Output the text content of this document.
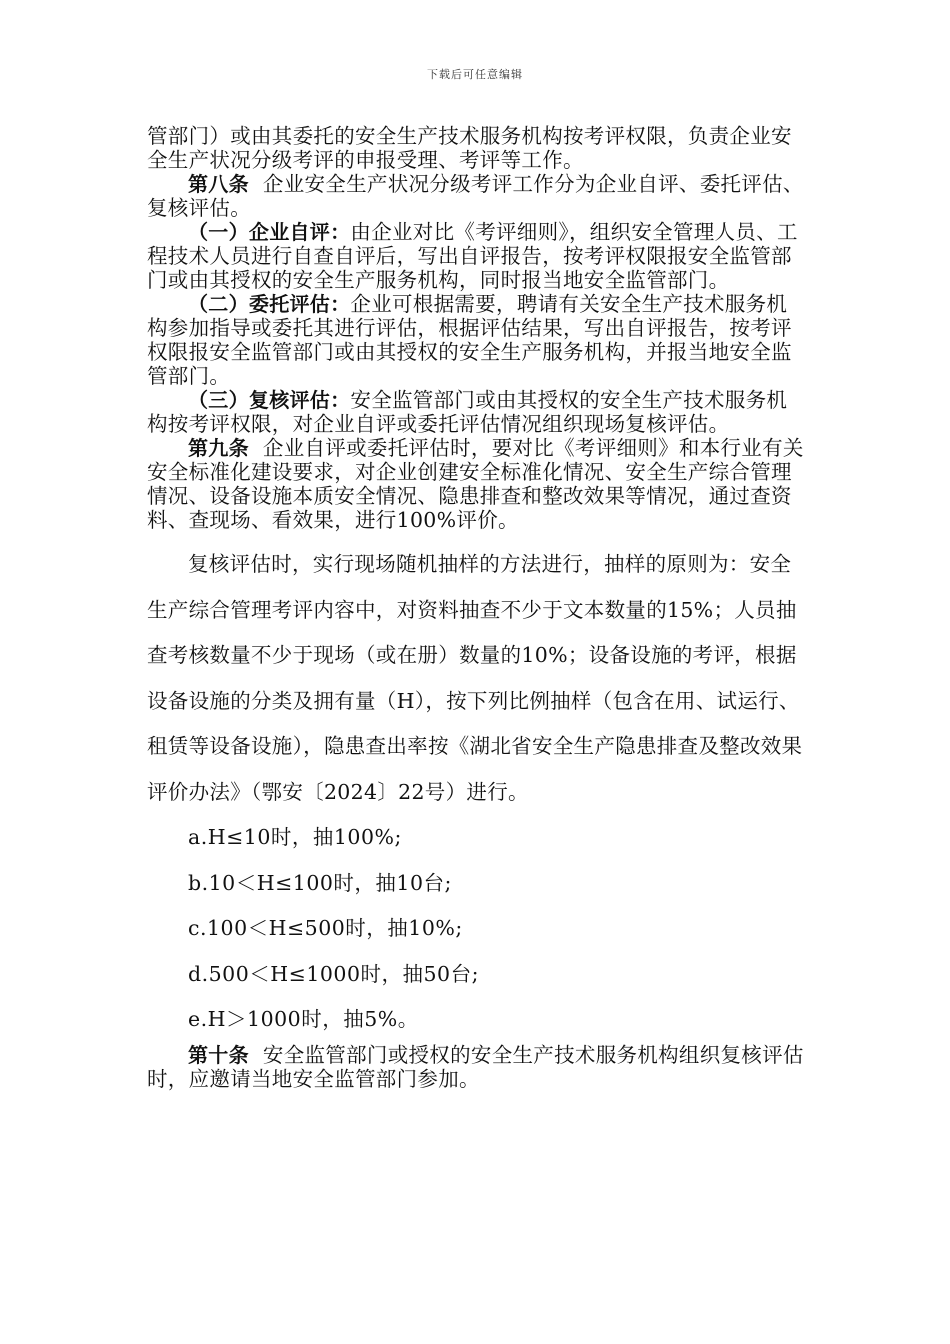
下载后可任意编辑

管部门）或由其委托的安全生产技术服务机构按考评权限，负责企业安全生产状况分级考评的申报受理、考评等工作。

第八条 企业安全生产状况分级考评工作分为企业自评、委托评估、复核评估。

（一）企业自评：由企业对比《考评细则》，组织安全管理人员、工程技术人员进行自查自评后，写出自评报告，按考评权限报安全监管部门或由其授权的安全生产服务机构，同时报当地安全监管部门。

（二）委托评估：企业可根据需要，聘请有关安全生产技术服务机构参加指导或委托其进行评估，根据评估结果，写出自评报告，按考评权限报安全监管部门或由其授权的安全生产服务机构，并报当地安全监管部门。

（三）复核评估：安全监管部门或由其授权的安全生产技术服务机构按考评权限，对企业自评或委托评估情况组织现场复核评估。

第九条 企业自评或委托评估时，要对比《考评细则》和本行业有关安全标准化建设要求，对企业创建安全标准化情况、安全生产综合管理情况、设备设施本质安全情况、隐患排查和整改效果等情况，通过查资料、查现场、看效果，进行100%评价。

复核评估时，实行现场随机抽样的方法进行，抽样的原则为：安全生产综合管理考评内容中，对资料抽查不少于文本数量的15%；人员抽查考核数量不少于现场（或在册）数量的10%；设备设施的考评，根据设备设施的分类及拥有量（H），按下列比例抽样（包含在用、试运行、租赁等设备设施），隐患查出率按《湖北省安全生产隐患排查及整改效果评价办法》（鄂安〔2024〕22号）进行。

a.H≤10时，抽100%;

b.10＜H≤100时，抽10台;

c.100＜H≤500时，抽10%;

d.500＜H≤1000时，抽50台;

e.H＞1000时，抽5%。

第十条 安全监管部门或授权的安全生产技术服务机构组织复核评估时，应邀请当地安全监管部门参加。
